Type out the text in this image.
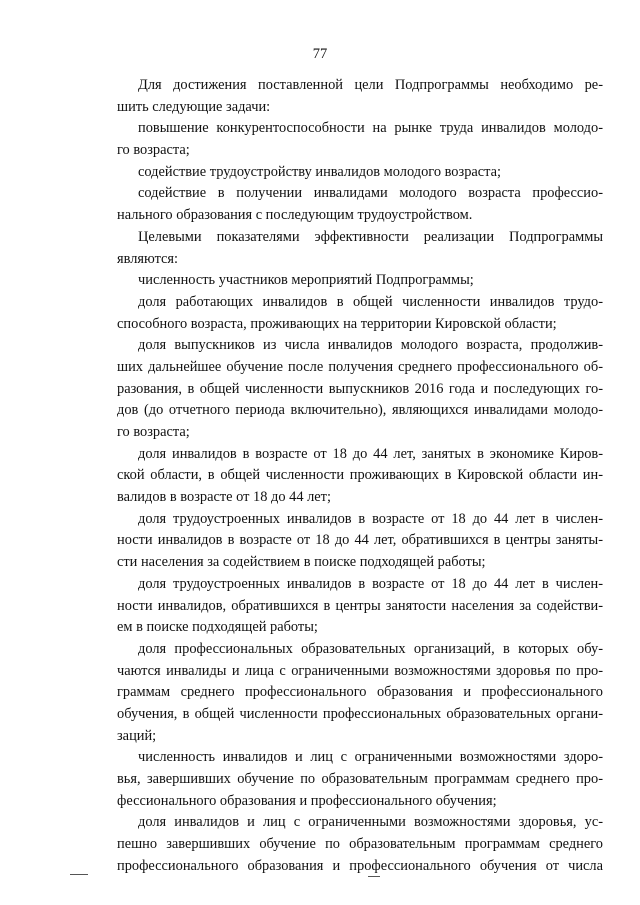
77
Для достижения поставленной цели Подпрограммы необходимо ре-
шить следующие задачи:
повышение конкурентоспособности на рынке труда инвалидов молодо-
го возраста;
содействие трудоустройству инвалидов молодого возраста;
содействие в получении инвалидами молодого возраста профессио-
нального образования с последующим трудоустройством.
Целевыми показателями эффективности реализации Подпрограммы
являются:
численность участников мероприятий Подпрограммы;
доля работающих инвалидов в общей численности инвалидов трудо-
способного возраста, проживающих на территории Кировской области;
доля выпускников из числа инвалидов молодого возраста, продолжив-
ших дальнейшее обучение после получения среднего профессионального об-
разования, в общей численности выпускников 2016 года и последующих го-
дов (до отчетного периода включительно), являющихся инвалидами молодо-
го возраста;
доля инвалидов в возрасте от 18 до 44 лет, занятых в экономике Киров-
ской области, в общей численности проживающих в Кировской области ин-
валидов в возрасте от 18 до 44 лет;
доля трудоустроенных инвалидов в возрасте от 18 до 44 лет в числен-
ности инвалидов в возрасте от 18 до 44 лет, обратившихся в центры заняты-
сти населения за содействием в поиске подходящей работы;
доля трудоустроенных инвалидов в возрасте от 18 до 44 лет в числен-
ности инвалидов, обратившихся в центры занятости населения за содействи-
ем в поиске подходящей работы;
доля профессиональных образовательных организаций, в которых обу-
чаются инвалиды и лица с ограниченными возможностями здоровья по про-
граммам среднего профессионального образования и профессионального
обучения, в общей численности профессиональных образовательных органи-
заций;
численность инвалидов и лиц с ограниченными возможностями здоро-
вья, завершивших обучение по образовательным программам среднего про-
фессионального образования и профессионального обучения;
доля инвалидов и лиц с ограниченными возможностями здоровья, ус-
пешно завершивших обучение по образовательным программам среднего
профессионального образования и профессионального обучения от числа
